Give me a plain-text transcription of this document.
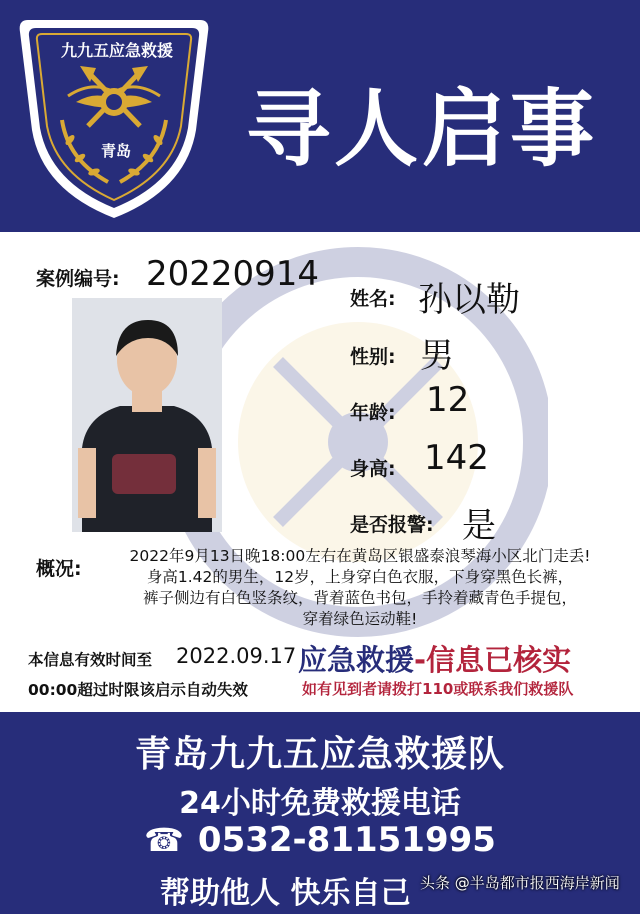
九九五应急救援
青岛	寻人启事
案例编号: 20220914
姓名: 孙以勒
性别: 男
年龄: 12
身高: 142
是否报警: 是
概况:
2022年9月13日晚18:00左右在黄岛区银盛泰浪琴海小区北门走丢!
身高1.42的男生，12岁，上身穿白色衣服，下身穿黑色长裤，
裤子侧边有白色竖条纹，背着蓝色书包，手拎着藏青色手提包，
穿着绿色运动鞋!
本信息有效时间至 2022.09.17
00:00超过时限该启示自动失效
应急救援-信息已核实
如有见到者请拨打110或联系我们救援队
青岛九九五应急救援队
24小时免费救援电话
☎ 0532-81151995
帮助他人 快乐自己 头条 @半岛都市报西海岸新闻
